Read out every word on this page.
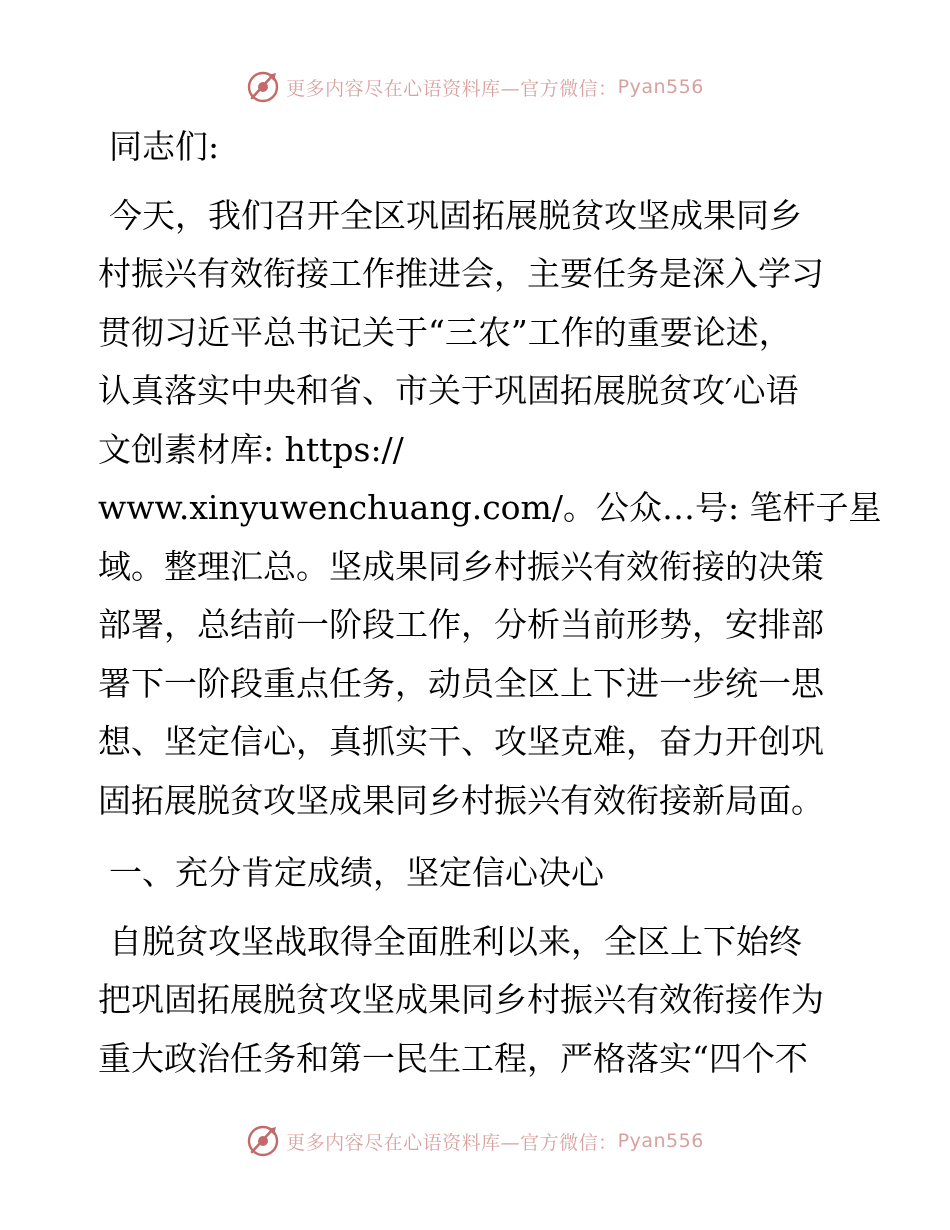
更多内容尽在心语资料库—官方微信： Pyan556

同志们:

今天，我们召开全区巩固拓展脱贫攻坚成果同乡

村振兴有效衔接工作推进会，主要任务是深入学习

贯彻习近平总书记关于“三农”工作的重要论述，

认真落实中央和省、市关于巩固拓展脱贫攻′心语

文创素材库: https://

www.xinyuwenchuang.com/。公众…号: 笔杆子星

域。整理汇总。坚成果同乡村振兴有效衔接的决策

部署，总结前一阶段工作，分析当前形势，安排部

署下一阶段重点任务，动员全区上下进一步统一思

想、坚定信心，真抓实干、攻坚克难，奋力开创巩

固拓展脱贫攻坚成果同乡村振兴有效衔接新局面。

一、充分肯定成绩，坚定信心决心

自脱贫攻坚战取得全面胜利以来，全区上下始终

把巩固拓展脱贫攻坚成果同乡村振兴有效衔接作为

重大政治任务和第一民生工程，严格落实“四个不

更多内容尽在心语资料库—官方微信： Pyan556
